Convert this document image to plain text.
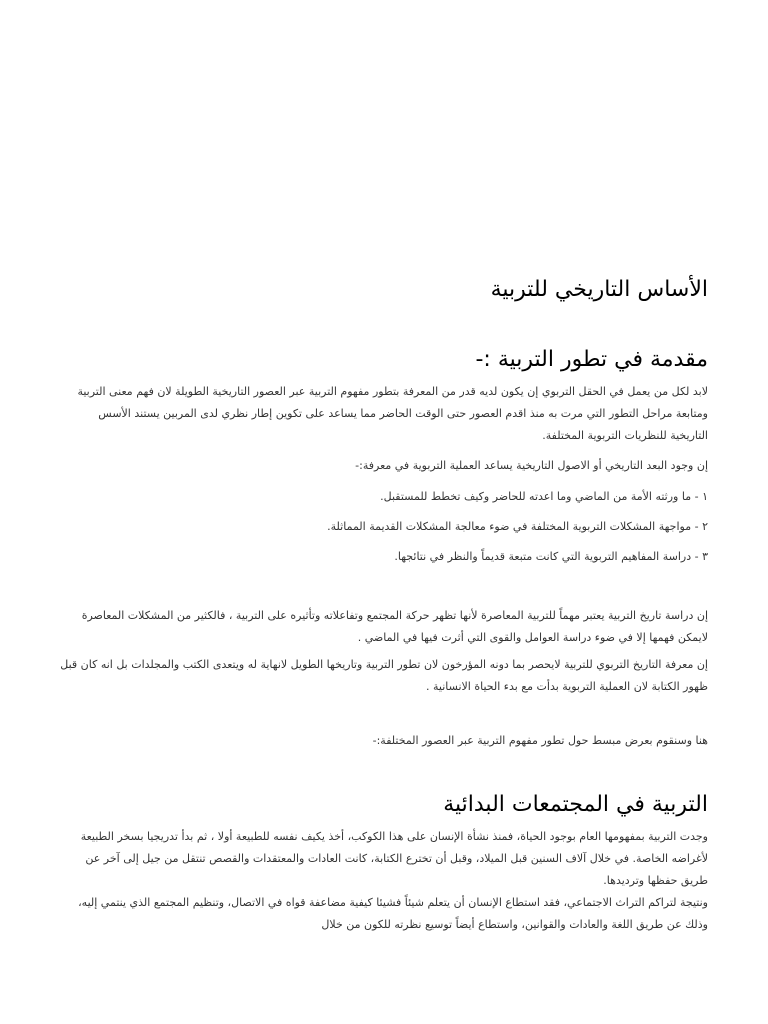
الأساس التاريخي للتربية
مقدمة في تطور التربية :-

لابد لكل من يعمل في الحقل التربوي إن يكون لديه قدر من المعرفة بتطور مفهوم التربية عبر العصور التاريخية الطويلة لان فهم معنى التربية ومتابعة مراحل التطور التي مرت به منذ اقدم العصور حتى الوقت الحاضر مما يساعد على تكوين إطار نظري لدى المربين يستند الأسس التاريخية للنظريات التربوية المختلفة.

إن وجود البعد التاريخي أو الاصول التاريخية يساعد العملية التربوية في معرفة:-
١ - ما ورثته الأمة من الماضي وما اعدته للحاضر وكيف تخطط للمستقبل.
٢ - مواجهة المشكلات التربوية المختلفة في ضوء معالجة المشكلات القديمة المماثلة.
٣ - دراسة المفاهيم التربوية التي كانت متبعة قديماً والنظر في نتائجها.

إن دراسة تاريخ التربية يعتبر مهماً للتربية المعاصرة لأنها تظهر حركة المجتمع وتفاعلاته وتأثيره على التربية ، فالكثير من المشكلات المعاصرة لايمكن فهمها إلا في ضوء دراسة العوامل والقوى التي أثرت فيها في الماضي .

إن معرفة التاريخ التربوي للتربية لايحصر بما دونه المؤرخون لان تطور التربية وتاريخها الطويل لانهاية له ويتعدى الكتب والمجلدات بل انه كان قبل ظهور الكتابة لان العملية التربوية بدأت مع بدء الحياة الانسانية .

هنا وسنقوم بعرض مبسط حول تطور مفهوم التربية عبر العصور المختلفة:-
التربية في المجتمعات البدائية

وجدت التربية بمفهومها العام بوجود الحياة، فمنذ نشأة الإنسان على هذا الكوكب، أخذ يكيف نفسه للطبيعة أولا ، ثم بدأ تدريجيا بسخر الطبيعة لأغراضه الخاصة. في خلال آلاف السنين قبل الميلاد، وقبل أن تخترع الكتابة، كانت العادات والمعتقدات والقصص تنتقل من جيل إلى آخر عن طريق حفظها وترديدها.

ونتيجة لتراكم التراث الاجتماعي، فقد استطاع الإنسان أن يتعلم شيئاً فشيئا كيفية مضاعفة قواه في الاتصال، وتنظيم المجتمع الذي ينتمي إليه، وذلك عن طريق اللغة والعادات والقوانين، واستطاع أيضاً توسيع نظرته للكون من خلال
